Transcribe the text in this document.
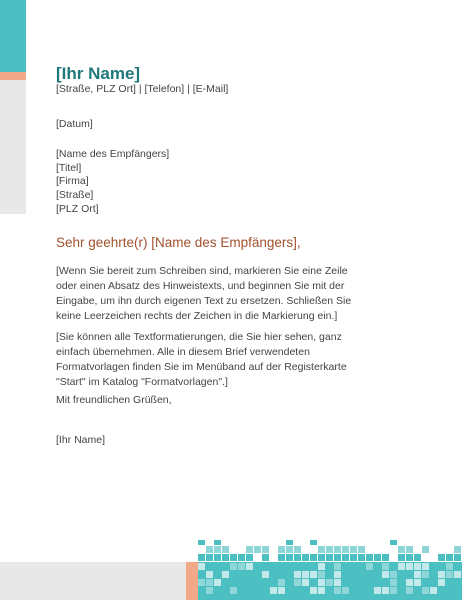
[Ihr Name]
[Straße, PLZ Ort] | [Telefon] | [E-Mail]
[Datum]
[Name des Empfängers]
[Titel]
[Firma]
[Straße]
[PLZ Ort]
Sehr geehrte(r) [Name des Empfängers],
[Wenn Sie bereit zum Schreiben sind, markieren Sie eine Zeile
oder einen Absatz des Hinweistexts, und beginnen Sie mit der
Eingabe, um ihn durch eigenen Text zu ersetzen. Schließen Sie
keine Leerzeichen rechts der Zeichen in die Markierung ein.]
[Sie können alle Textformatierungen, die Sie hier sehen, ganz
einfach übernehmen. Alle in diesem Brief verwendeten
Formatvorlagen finden Sie im Menüband auf der Registerkarte
"Start" im Katalog "Formatvorlagen".]
Mit freundlichen Grüßen,
[Ihr Name]
